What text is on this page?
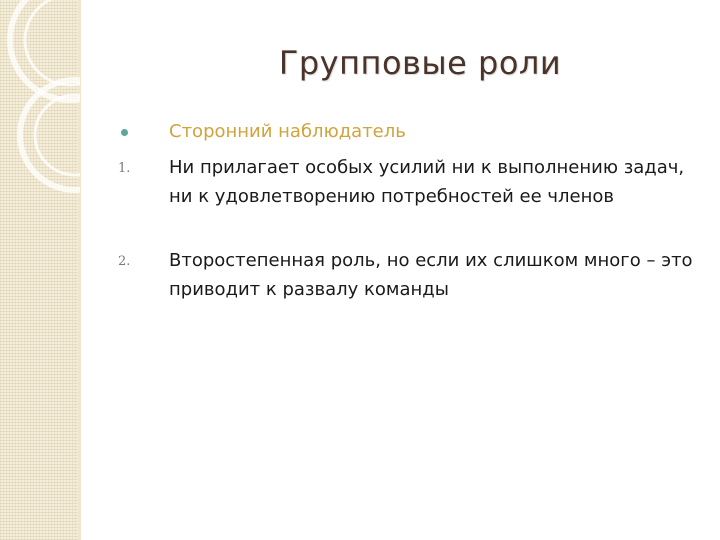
Групповые роли
Сторонний наблюдатель
1. Ни прилагает особых усилий ни к выполнению задач, ни к удовлетворению потребностей ее членов
2. Второстепенная роль, но если их слишком много – это приводит к развалу команды
